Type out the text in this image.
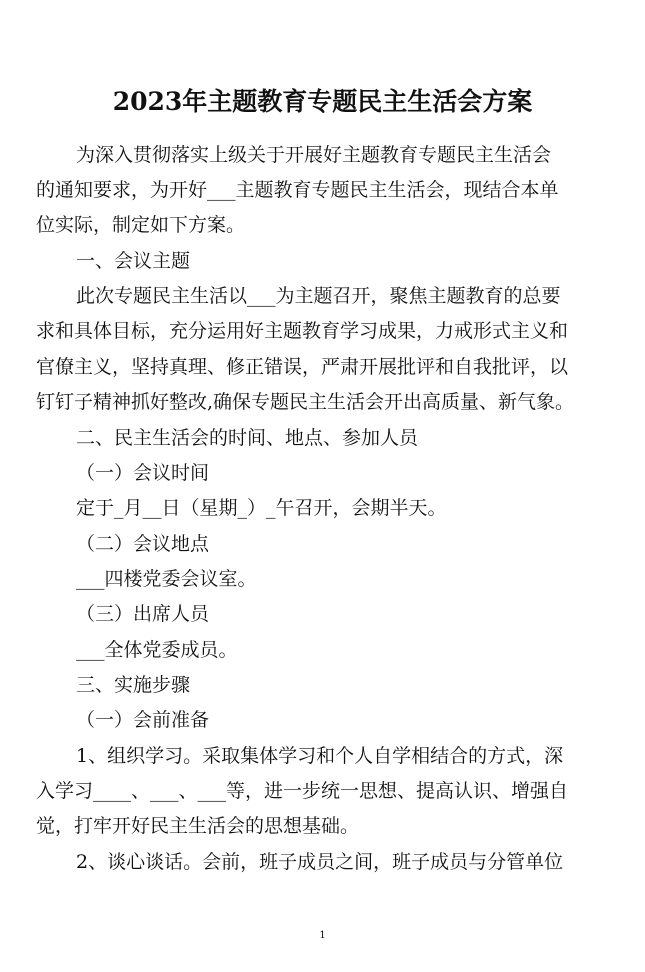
2023年主题教育专题民主生活会方案
为深入贯彻落实上级关于开展好主题教育专题民主生活会
的通知要求，为开好___主题教育专题民主生活会，现结合本单
位实际，制定如下方案。
一、会议主题
此次专题民主生活以___为主题召开，聚焦主题教育的总要
求和具体目标，充分运用好主题教育学习成果，力戒形式主义和
官僚主义，坚持真理、修正错误，严肃开展批评和自我批评，以
钉钉子精神抓好整改,确保专题民主生活会开出高质量、新气象。
二、民主生活会的时间、地点、参加人员
（一）会议时间
定于_月__日（星期_）_午召开，会期半天。
（二）会议地点
___四楼党委会议室。
（三）出席人员
___全体党委成员。
三、实施步骤
（一）会前准备
1、组织学习。采取集体学习和个人自学相结合的方式，深
入学习____、___、___等，进一步统一思想、提高认识、增强自
觉，打牢开好民主生活会的思想基础。
2、谈心谈话。会前，班子成员之间，班子成员与分管单位
1
